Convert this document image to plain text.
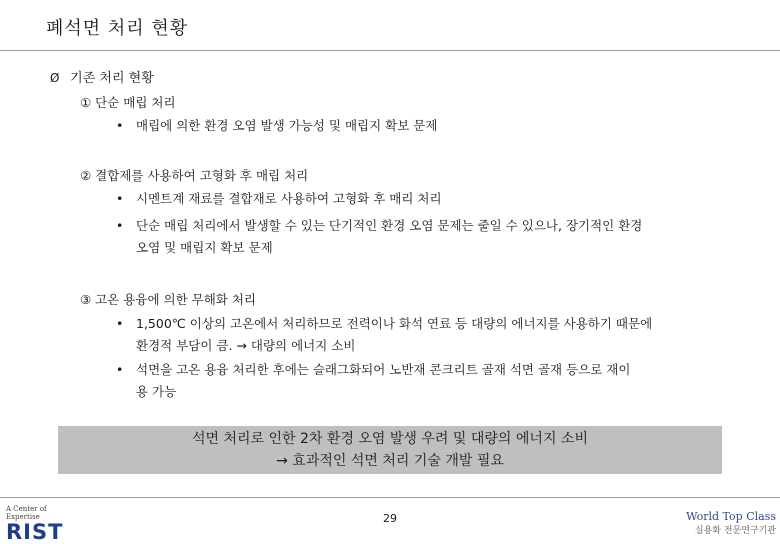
폐석면 처리 현황
Ø 기존 처리 현황
① 단순 매립 처리
• 매립에 의한 환경 오염 발생 가능성 및 매립지 확보 문제
② 결합제를 사용하여 고형화 후 매립 처리
• 시멘트계 재료를 결합재로 사용하여 고형화 후 매리 처리
• 단순 매립 처리에서 발생할 수 있는 단기적인 환경 오염 문제는 줄일 수 있으나, 장기적인 환경
오염 및 매립지 확보 문제
③ 고온 용융에 의한 무해화 처리
• 1,500℃ 이상의 고온에서 처리하므로 전력이나 화석 연료 등 대량의 에너지를 사용하기 때문에
환경적 부담이 큼. → 대량의 에너지 소비
• 석면을 고온 용융 처리한 후에는 슬래그화되어 노반재 콘크리트 골재 석면 골재 등으로 재이
용 가능
석면 처리로 인한 2차 환경 오염 발생 우려 및 대량의 에너지 소비
→ 효과적인 석면 처리 기술 개발 필요
29
A Center of Expertise
RIST
World Top Class
실용화 전문연구기관
